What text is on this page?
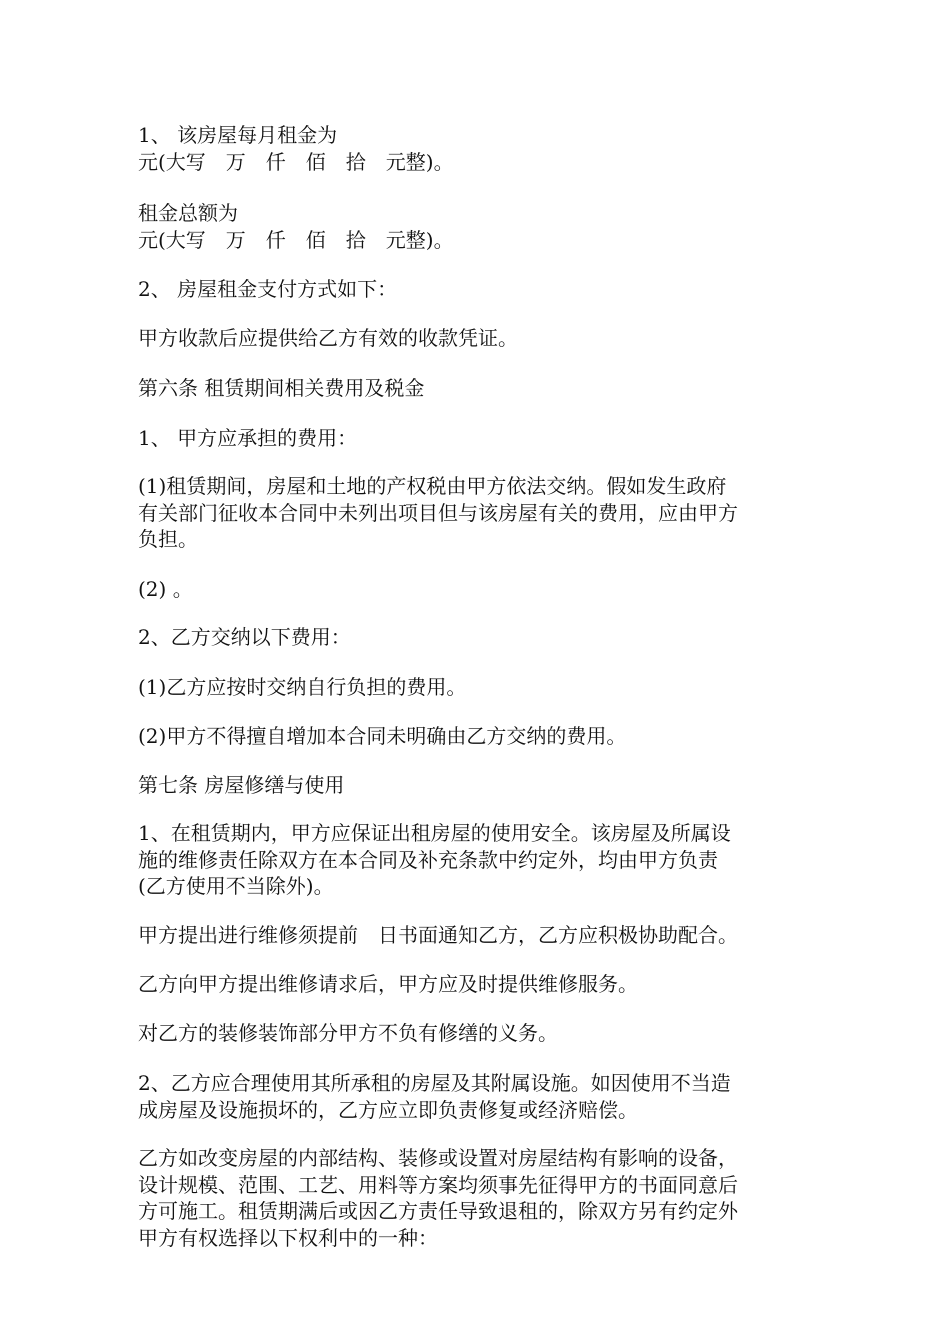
1、 该房屋每月租金为
元(大写　万　仟　佰　拾　元整)。

租金总额为
元(大写　万　仟　佰　拾　元整)。

2、 房屋租金支付方式如下：

甲方收款后应提供给乙方有效的收款凭证。

第六条 租赁期间相关费用及税金

1、 甲方应承担的费用：

(1)租赁期间，房屋和土地的产权税由甲方依法交纳。假如发生政府
有关部门征收本合同中未列出项目但与该房屋有关的费用，应由甲方
负担。

(2) 。

2、乙方交纳以下费用：

(1)乙方应按时交纳自行负担的费用。

(2)甲方不得擅自增加本合同未明确由乙方交纳的费用。

第七条 房屋修缮与使用

1、在租赁期内，甲方应保证出租房屋的使用安全。该房屋及所属设
施的维修责任除双方在本合同及补充条款中约定外，均由甲方负责
(乙方使用不当除外)。

甲方提出进行维修须提前　日书面通知乙方，乙方应积极协助配合。

乙方向甲方提出维修请求后，甲方应及时提供维修服务。

对乙方的装修装饰部分甲方不负有修缮的义务。

2、乙方应合理使用其所承租的房屋及其附属设施。如因使用不当造
成房屋及设施损坏的，乙方应立即负责修复或经济赔偿。

乙方如改变房屋的内部结构、装修或设置对房屋结构有影响的设备，
设计规模、范围、工艺、用料等方案均须事先征得甲方的书面同意后
方可施工。租赁期满后或因乙方责任导致退租的，除双方另有约定外
甲方有权选择以下权利中的一种：
